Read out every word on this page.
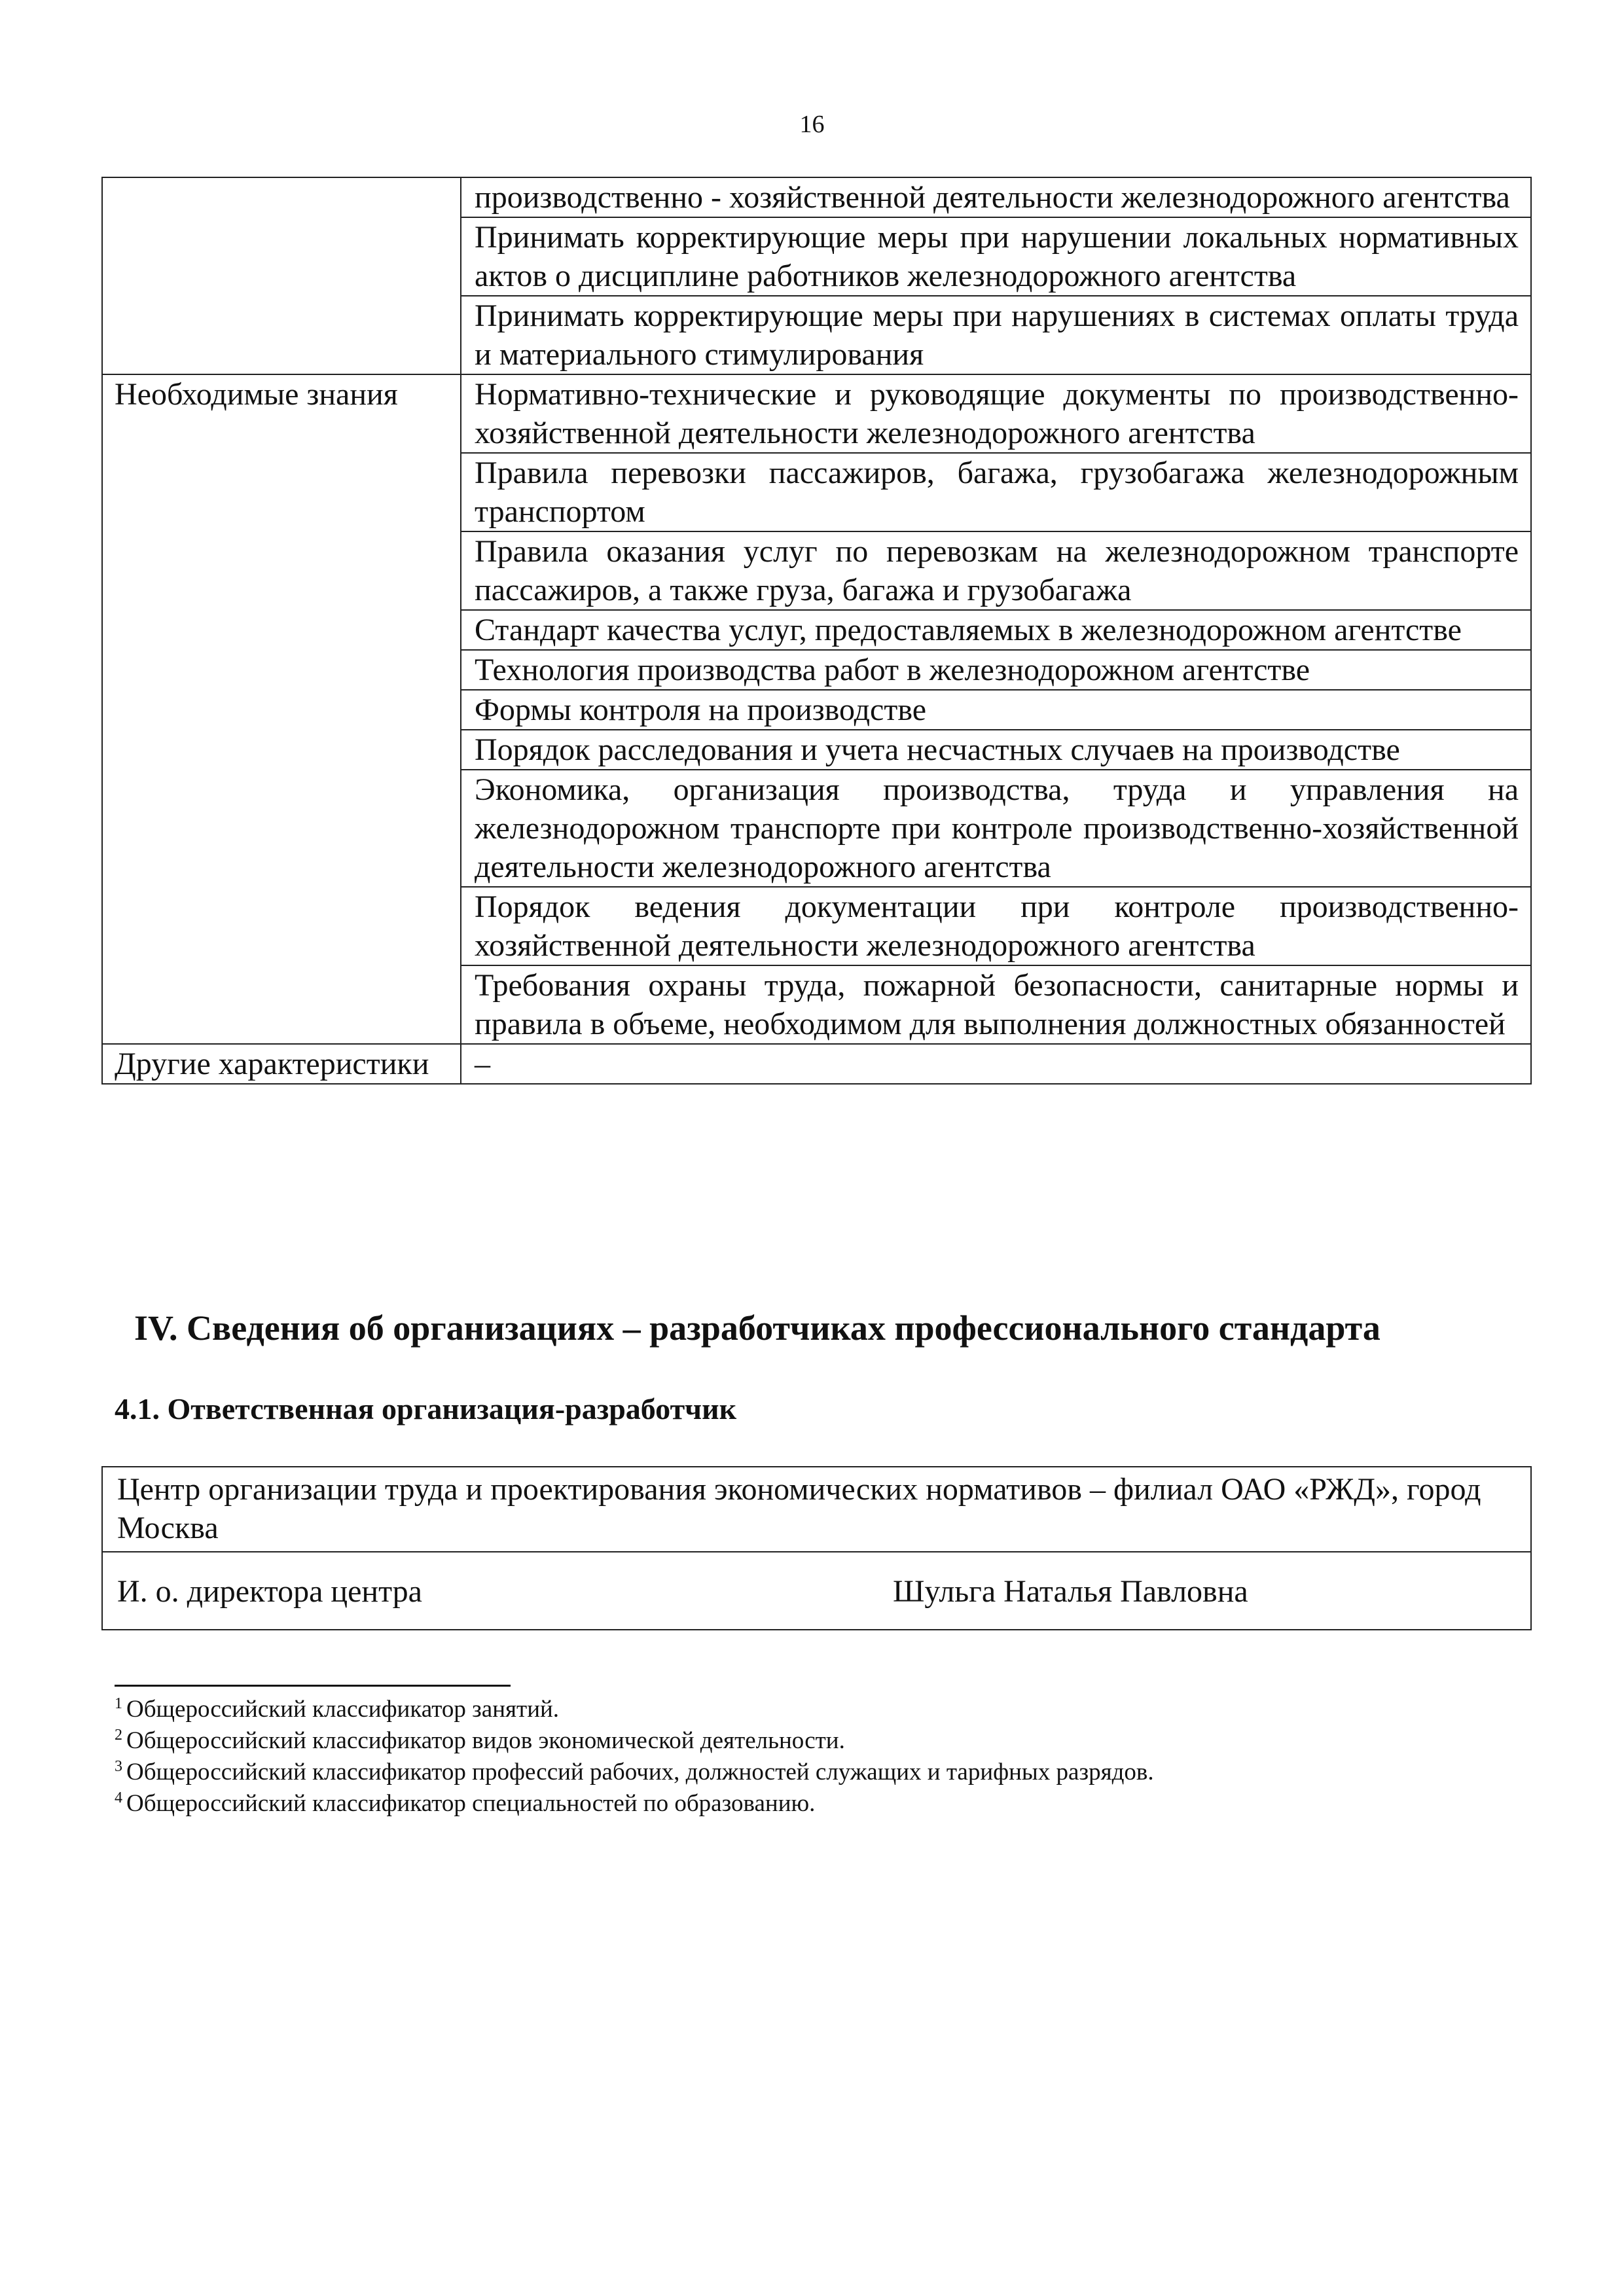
16
	производственно - хозяйственной деятельности железнодорожного агентства
	Принимать корректирующие меры при нарушении локальных нормативных актов о дисциплине работников железнодорожного агентства
	Принимать корректирующие меры при нарушениях в системах оплаты труда и материального стимулирования
Необходимые знания	Нормативно-технические и руководящие документы по производственно-хозяйственной деятельности железнодорожного агентства
	Правила перевозки пассажиров, багажа, грузобагажа железнодорожным транспортом
	Правила оказания услуг по перевозкам на железнодорожном транспорте пассажиров, а также груза, багажа и грузобагажа
	Стандарт качества услуг, предоставляемых в железнодорожном агентстве
	Технология производства работ в железнодорожном агентстве
	Формы контроля на производстве
	Порядок расследования и учета несчастных случаев на производстве
	Экономика, организация производства, труда и управления на железнодорожном транспорте при контроле производственно-хозяйственной деятельности железнодорожного агентства
	Порядок ведения документации при контроле производственно-хозяйственной деятельности железнодорожного агентства
	Требования охраны труда, пожарной безопасности, санитарные нормы и правила в объеме, необходимом для выполнения должностных обязанностей
Другие характеристики	–
IV. Сведения об организациях – разработчиках профессионального стандарта
4.1. Ответственная организация-разработчик
Центр организации труда и проектирования экономических нормативов – филиал ОАО «РЖД», город Москва

И. о. директора центра	Шульга Наталья Павловна
$^1$ Общероссийский классификатор занятий.
$^2$ Общероссийский классификатор видов экономической деятельности.
$^3$ Общероссийский классификатор профессий рабочих, должностей служащих и тарифных разрядов.
$^4$ Общероссийский классификатор специальностей по образованию.
